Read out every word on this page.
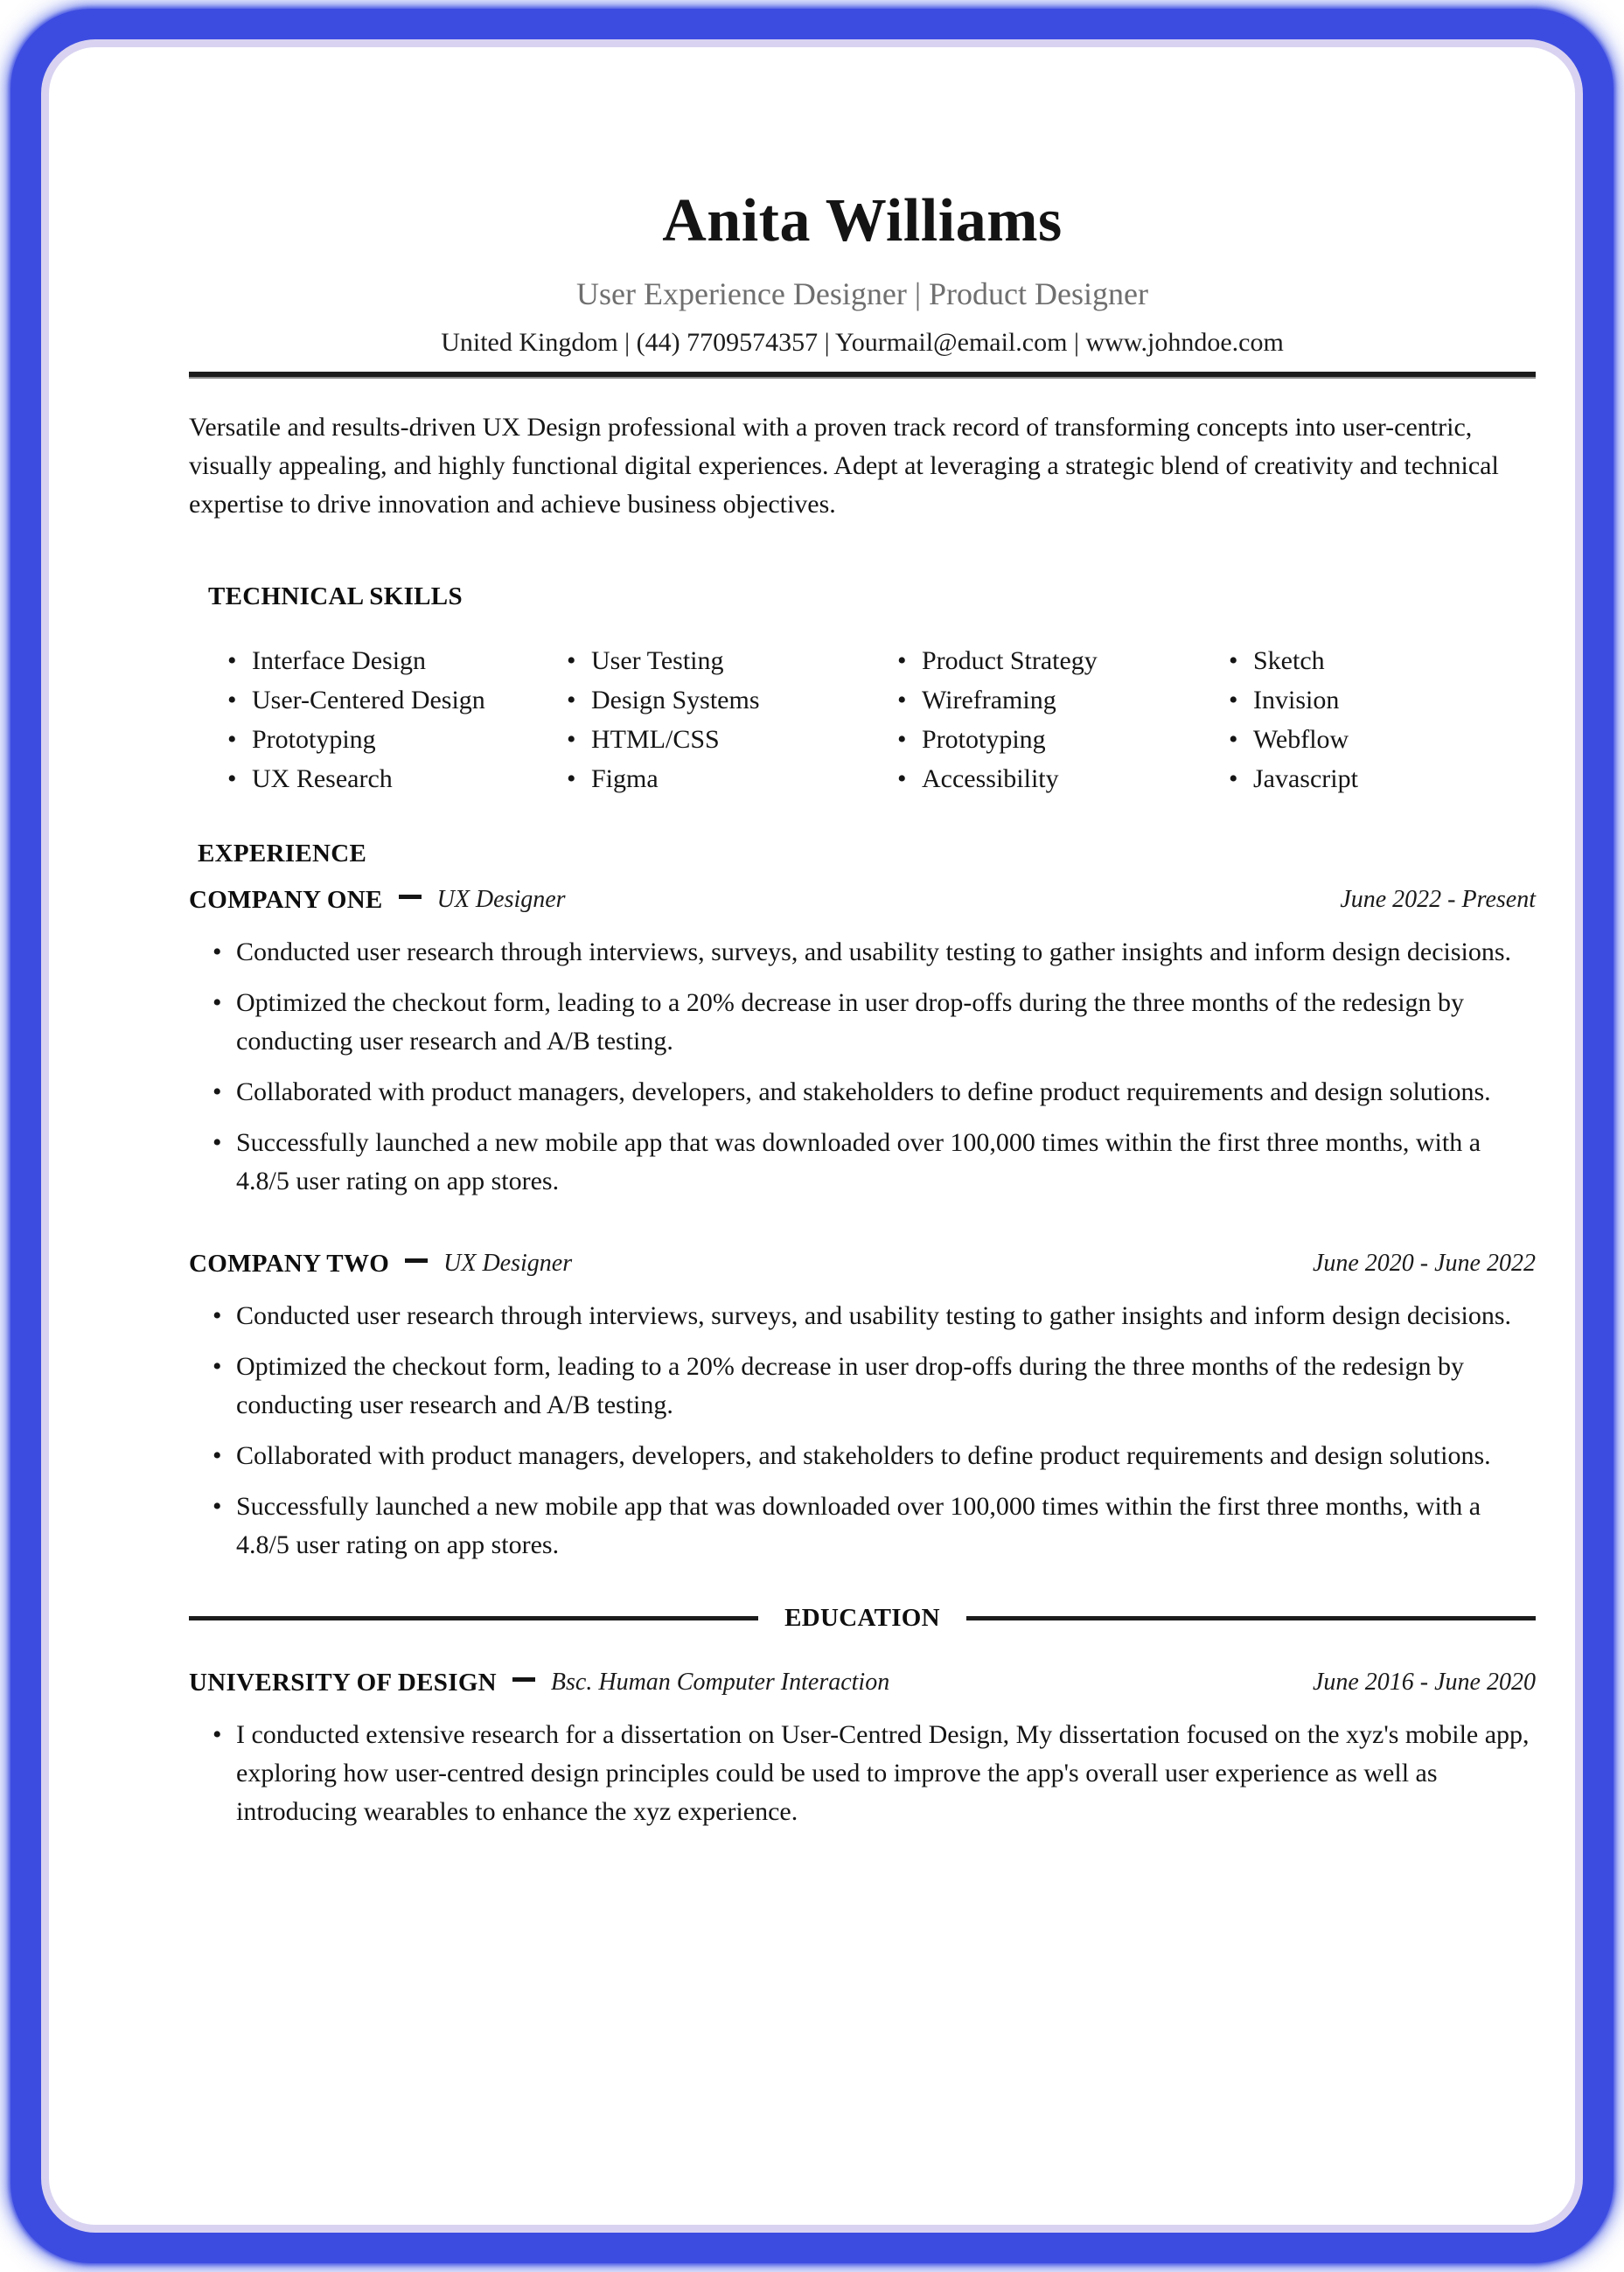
Anita Williams
User Experience Designer | Product Designer
United Kingdom | (44) 7709574357 | Yourmail@email.com | www.johndoe.com

Versatile and results-driven UX Design professional with a proven track record of transforming concepts into user-centric, visually appealing, and highly functional digital experiences. Adept at leveraging a strategic blend of creativity and technical expertise to drive innovation and achieve business objectives.

TECHNICAL SKILLS
• Interface Design	• User Testing	• Product Strategy	• Sketch
• User-Centered Design	• Design Systems	• Wireframing	• Invision
• Prototyping	• HTML/CSS	• Prototyping	• Webflow
• UX Research	• Figma	• Accessibility	• Javascript
EXPERIENCE
COMPANY ONE UX Designer	June 2022 - Present
• Conducted user research through interviews, surveys, and usability testing to gather insights and inform design decisions.
• Optimized the checkout form, leading to a 20% decrease in user drop-offs during the three months of the redesign by conducting user research and A/B testing.
• Collaborated with product managers, developers, and stakeholders to define product requirements and design solutions.
• Successfully launched a new mobile app that was downloaded over 100,000 times within the first three months, with a 4.8/5 user rating on app stores.
COMPANY TWO UX Designer	June 2020 - June 2022
• Conducted user research through interviews, surveys, and usability testing to gather insights and inform design decisions.
• Optimized the checkout form, leading to a 20% decrease in user drop-offs during the three months of the redesign by conducting user research and A/B testing.
• Collaborated with product managers, developers, and stakeholders to define product requirements and design solutions.
• Successfully launched a new mobile app that was downloaded over 100,000 times within the first three months, with a 4.8/5 user rating on app stores.
EDUCATION
UNIVERSITY OF DESIGN Bsc. Human Computer Interaction	June 2016 - June 2020
• I conducted extensive research for a dissertation on User-Centred Design, My dissertation focused on the xyz's mobile app, exploring how user-centred design principles could be used to improve the app's overall user experience as well as introducing wearables to enhance the xyz experience.
